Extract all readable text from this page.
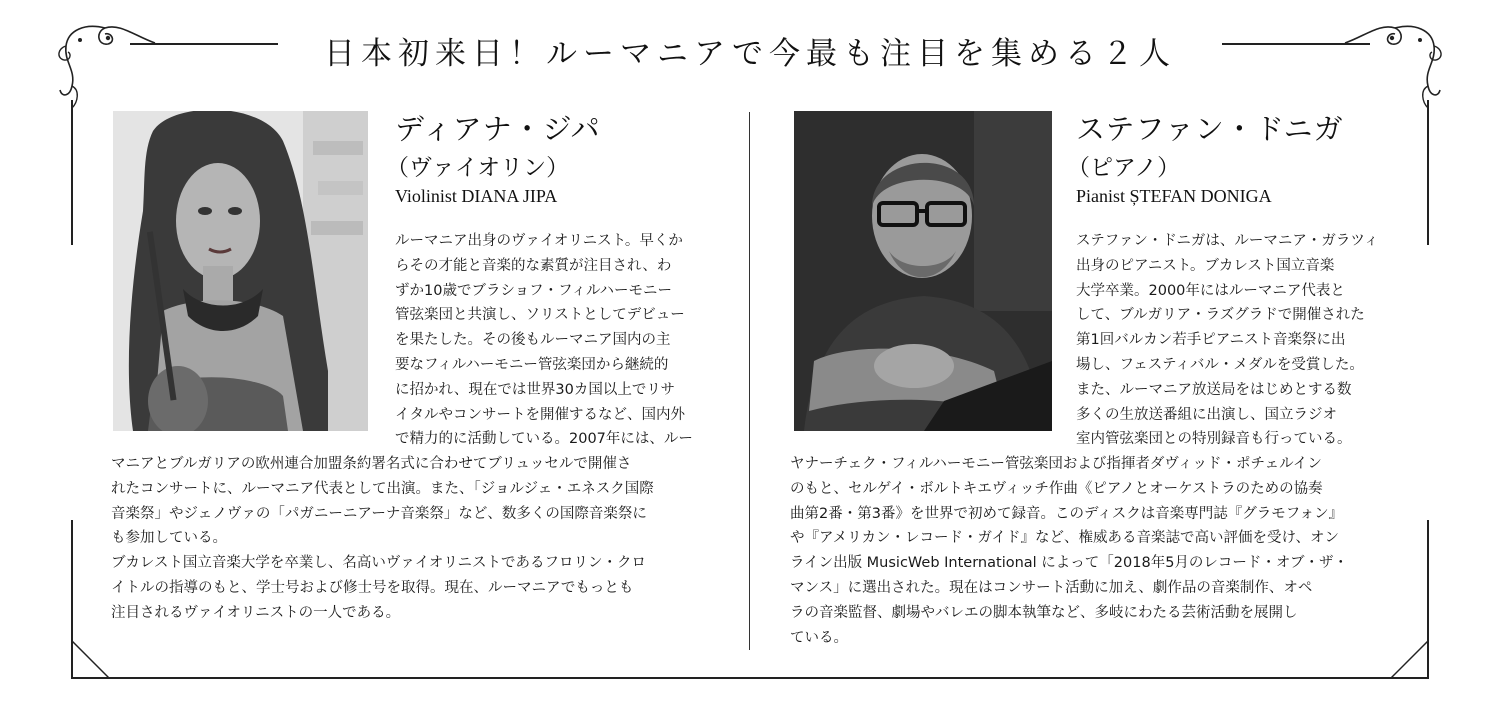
日本初来日！ルーマニアで今最も注目を集める２人
ディアナ・ジパ
（ヴァイオリン）
Violinist DIANA JIPA
ルーマニア出身のヴァイオリニスト。早くか
らその才能と音楽的な素質が注目され、わ
ずか10歳でブラショフ・フィルハーモニー
管弦楽団と共演し、ソリストとしてデビュー
を果たした。その後もルーマニア国内の主
要なフィルハーモニー管弦楽団から継続的
に招かれ、現在では世界30カ国以上でリサ
イタルやコンサートを開催するなど、国内外
で精力的に活動している。2007年には、ルー
マニアとブルガリアの欧州連合加盟条約署名式に合わせてブリュッセルで開催さ
れたコンサートに、ルーマニア代表として出演。また、「ジョルジェ・エネスク国際
音楽祭」やジェノヴァの「パガニーニアーナ音楽祭」など、数多くの国際音楽祭に
も参加している。
ブカレスト国立音楽大学を卒業し、名高いヴァイオリニストであるフロリン・クロ
イトルの指導のもと、学士号および修士号を取得。現在、ルーマニアでもっとも
注目されるヴァイオリニストの一人である。
ステファン・ドニガ
（ピアノ）
Pianist ȘTEFAN DONIGA
ステファン・ドニガは、ルーマニア・ガラツィ
出身のピアニスト。ブカレスト国立音楽
大学卒業。2000年にはルーマニア代表と
して、ブルガリア・ラズグラドで開催された
第1回バルカン若手ピアニスト音楽祭に出
場し、フェスティバル・メダルを受賞した。
また、ルーマニア放送局をはじめとする数
多くの生放送番組に出演し、国立ラジオ
室内管弦楽団との特別録音も行っている。
ヤナーチェク・フィルハーモニー管弦楽団および指揮者ダヴィッド・ポチェルイン
のもと、セルゲイ・ボルトキエヴィッチ作曲《ピアノとオーケストラのための協奏
曲第2番・第3番》を世界で初めて録音。このディスクは音楽専門誌『グラモフォン』
や『アメリカン・レコード・ガイド』など、権威ある音楽誌で高い評価を受け、オン
ライン出版 MusicWeb International によって「2018年5月のレコード・オブ・ザ・
マンス」に選出された。現在はコンサート活動に加え、劇作品の音楽制作、オペ
ラの音楽監督、劇場やバレエの脚本執筆など、多岐にわたる芸術活動を展開し
ている。
